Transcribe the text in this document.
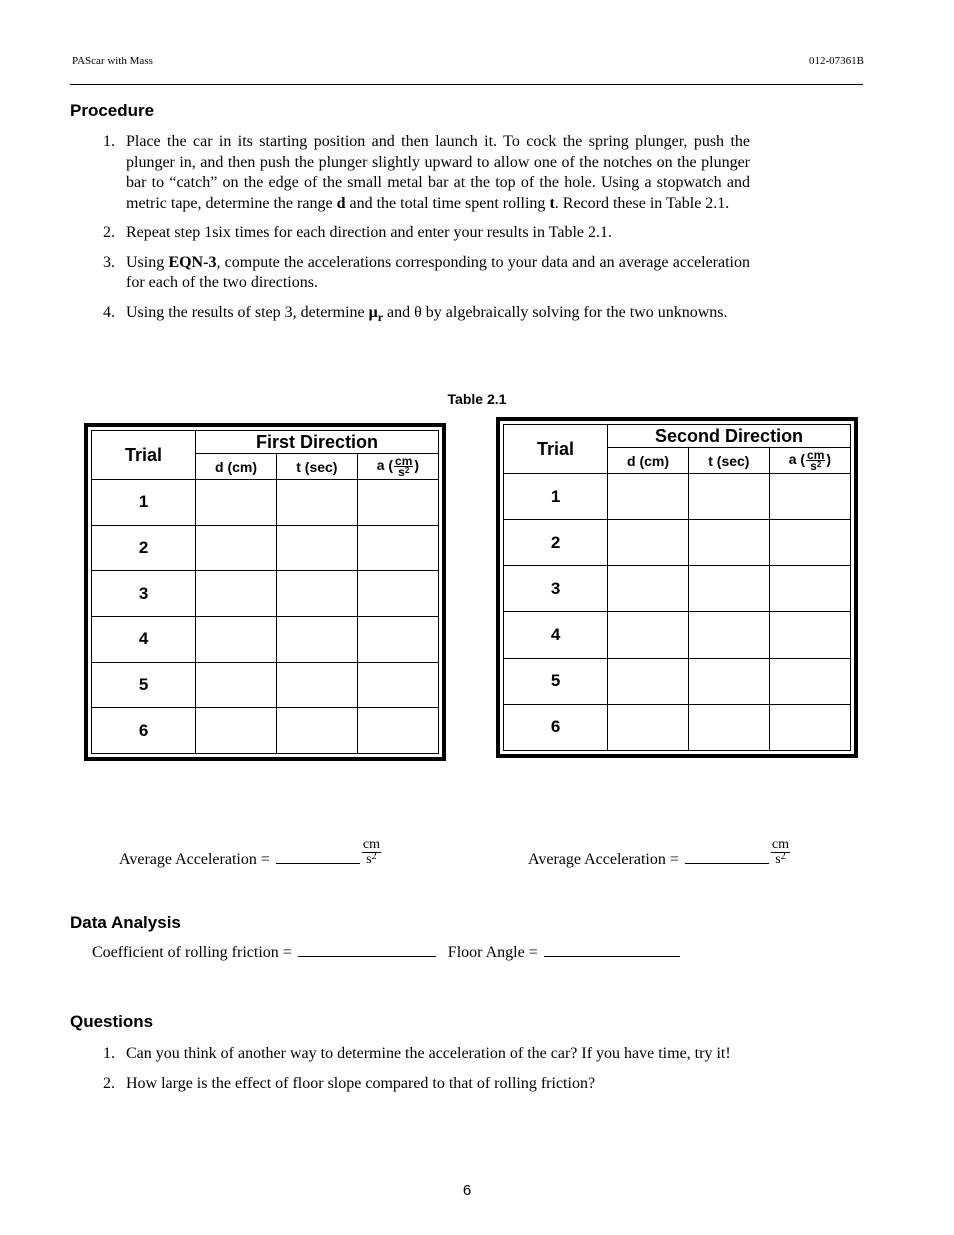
PAScar with Mass	012-07361B
Procedure
1. Place the car in its starting position and then launch it. To cock the spring plunger, push the plunger in, and then push the plunger slightly upward to allow one of the notches on the plunger bar to “catch” on the edge of the small metal bar at the top of the hole. Using a stopwatch and metric tape, determine the range d and the total time spent rolling t. Record these in Table 2.1.
2. Repeat step 1six times for each direction and enter your results in Table 2.1.
3. Using EQN-3, compute the accelerations corresponding to your data and an average acceleration for each of the two directions.
4. Using the results of step 3, determine $\mu_r$ and θ by algebraically solving for the two unknowns.
Table 2.1
Trial	First Direction		
	d (cm)	t (sec)	a ( $\frac{cm}{s^2}$ )
1			
2			
3			
4			
5			
6			
Trial	Second Direction		
	d (cm)	t (sec)	a ( $\frac{cm}{s^2}$ )
1			
2			
3			
4			
5			
6			
Average Acceleration =	$\frac{cm}{s^2}$	Average Acceleration =	$\frac{cm}{s^2}$
Data Analysis
Coefficient of rolling friction =	Floor Angle =
Questions
1. Can you think of another way to determine the acceleration of the car? If you have time, try it!
2. How large is the effect of floor slope compared to that of rolling friction?
6
